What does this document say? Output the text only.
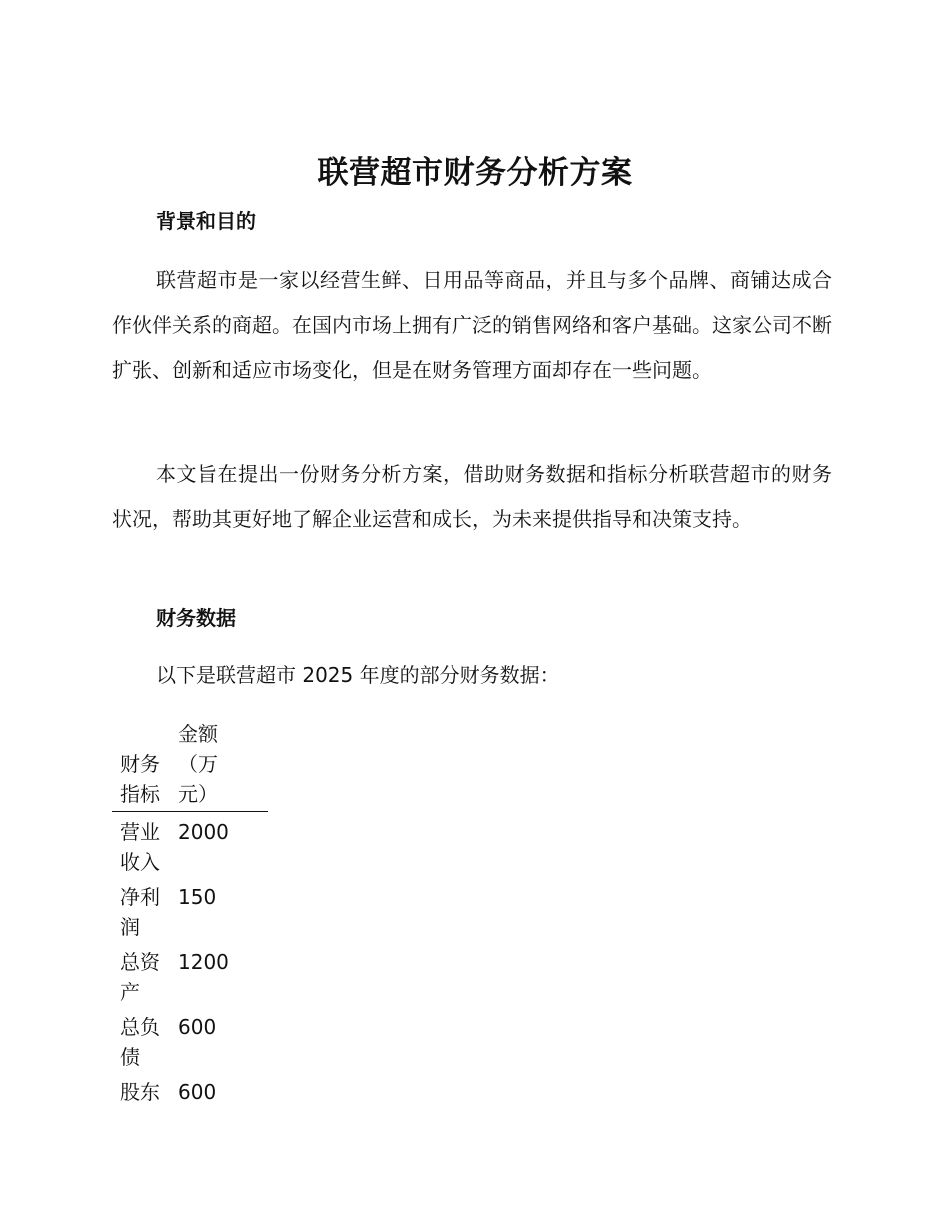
联营超市财务分析方案
背景和目的

联营超市是一家以经营生鲜、日用品等商品，并且与多个品牌、商铺达成合作伙伴关系的商超。在国内市场上拥有广泛的销售网络和客户基础。这家公司不断扩张、创新和适应市场变化，但是在财务管理方面却存在一些问题。

本文旨在提出一份财务分析方案，借助财务数据和指标分析联营超市的财务状况，帮助其更好地了解企业运营和成长，为未来提供指导和决策支持。

财务数据
以下是联营超市 2025 年度的部分财务数据：
财务指标	金额（万元）

营业收入	2000

净利润	150

总资产	1200

总负债	600

股东	600
